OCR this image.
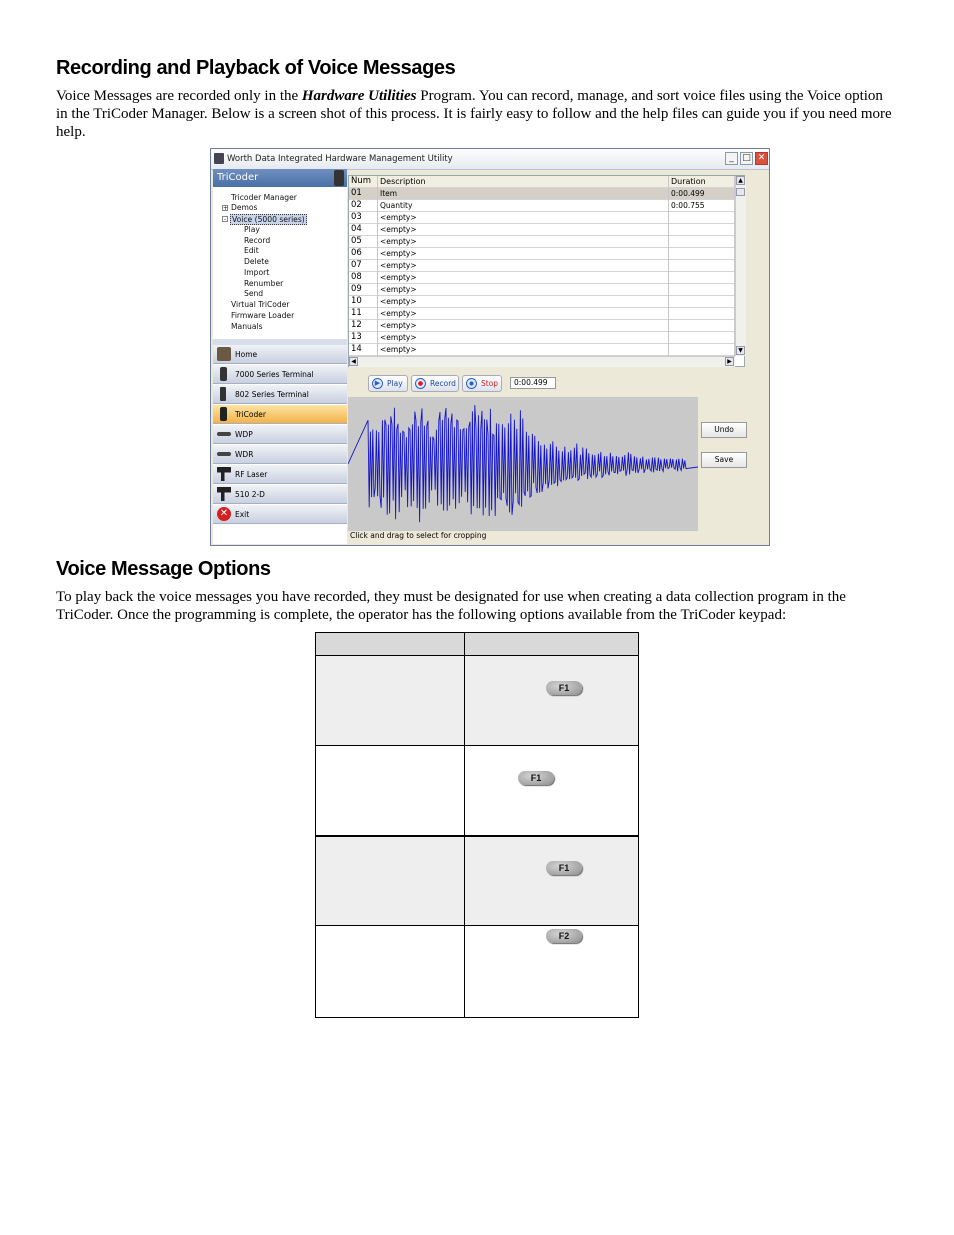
Recording and Playback of Voice Messages

Voice Messages are recorded only in the Hardware Utilities Program. You can record, manage, and sort voice files using the Voice option in the TriCoder Manager. Below is a screen shot of this process. It is fairly easy to follow and the help files can guide you if you need more help.

Worth Data Integrated Hardware Management Utility	_ □ ✕
TriCoder
Tricoder Manager
+ Demos
- Voice (5000 series)
Play
Record
Edit
Delete
Import
Renumber
Send
Virtual TriCoder
Firmware Loader
Manuals
Home
7000 Series Terminal
802 Series Terminal
TriCoder
WDP
WDR
RF Laser
510 2-D
✕ Exit
Num	Description	Duration
01	Item	0:00.499
02	Quantity	0:00.755
03	<empty>
04	<empty>
05	<empty>
06	<empty>
07	<empty>
08	<empty>
09	<empty>
10	<empty>
11	<empty>
12	<empty>
13	<empty>
14	<empty>
▲
▼
◀	▶
▶ Play	Record	Stop	0:00.499
Click and drag to select for cropping
Undo
Save
Voice Message Options

To play back the voice messages you have recorded, they must be designated for use when creating a data collection program in the TriCoder. Once the programming is complete, the operator has the following options available from the TriCoder keypad:

F1
F1
F1
F2
